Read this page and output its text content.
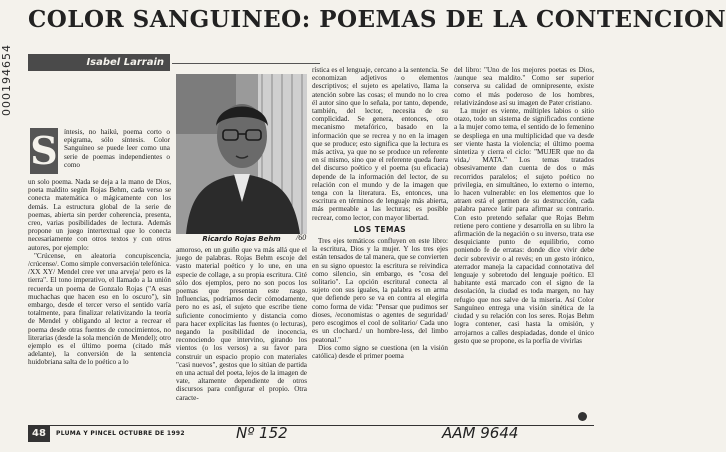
000194654
COLOR SANGUINEO: POEMAS DE LA CONTENCION
Isabel Larrain
S íntesis, no haikú, poema corto o epigrama, sólo síntesis. Color Sanguíneo se puede leer como una serie de poemas independientes o como

un solo poema. Nada se deja a la mano de Dios, poeta maldito según Rojas Behm, cada verso se conecta matemática o mágicamente con los demás. La estructura global de la serie de poemas, abierta sin perder coherencia, presenta, creo, varias posibilidades de lectura. Además propone un juego intertextual que lo conecta necesariamente con otros textos y con otros autores, por ejemplo:

"Crúcense, en aleatoria concupiscencia, /crúcense/. Como simple conversación telefónica. /XX XY/ Mendel cree ver una arveja/ pero es la tierra". El tono imperativo, el llamado a la unión recuerda un poema de Gonzalo Rojas ("A esas muchachas que hacen eso en lo oscuro"), sin embargo, desde el tercer verso el sentido varía totalmente, para finalizar relativizando la teoría de Mendel y obligando al lector a recrear el poema desde otras fuentes de conocimientos, no literarias (desde la sola mención de Mendel); otro ejemplo es el último poema (citado más adelante), la conversión de la sentencia huidobriana salta de lo poético a lo

/60
Ricardo Rojas Behm

amoroso, en un guiño que va más allá que el juego de palabras. Rojas Behm escoje del vasto material poético y lo une, en una especie de collage, a su propia escritura. Cité sólo dos ejemplos, pero no son pocos los poemas que presentan este rasgo. Influencias, podríamos decir cómodamente, pero no es así, el sujeto que escribe tiene suficiente conocimiento y distancia como para hacer explícitas las fuentes (o lecturas), negando la posibilidad de inocencia, reconociendo que intervino, girando los vientos (o los versos) a su favor para construir un espacio propio con materiales "casi nuevos", gestos que lo sitúan de partida en una actual del poeta, lejos de la imagen de vate, altamente dependiente de otros discursos para configurar el propio. Otra caracte-

rística es el lenguaje, cercano a la sentencia. Se economizan adjetivos o elementos descriptivos; el sujeto es apelativo, llama la atención sobre las cosas; el mundo no lo crea él autor sino que lo señala, por tanto, depende, también, del lector, necesita de su complicidad. Se genera, entonces, otro mecanismo metafórico, basado en la información que se recrea y no en la imagen que se produce; esto significa que la lectura es más activa, ya que no se produce un referente en sí mismo, sino que el referente queda fuera del discurso poético y el poema (su eficacia) depende de la información del lector, de su relación con el mundo y de la imagen que tenga con la literatura. Es, entonces, una escritura en términos de lenguaje más abierta, más permeable a las lecturas; es posible recrear, como lector, con mayor libertad.

LOS TEMAS

Tres ejes temáticos confluyen en este libro: la escritura, Dios y la mujer. Y los tres ejes están tensados de tal manera, que se convierten en su signo opuesto: la escritura se reivindica como silencio, sin embargo, es "cosa del solitario". La opción escritural conecta al sujeto con sus iguales, la palabra es un arma que defiende pero se va en contra al elegirla como forma de vida: "Pensar que pudimos ser dioses, /economistas o agentes de seguridad/ pero escogimos el cool de solitario/ Cada uno es un clochard./ un hombre-less, del limbo peatonal."

Dios como signo se cuestiona (en la visión católica) desde el primer poema

del libro: "Uno de los mejores poetas es Dios, /aunque sea maldito." Como ser superior conserva su calidad de omnipresente, existe como el más poderoso de los hombres, relativizándose así su imagen de Pater cristiano.

La mujer es viente, múltiples labios o sitio otazo, todo un sistema de significados contiene a la mujer como tema, el sentido de lo femenino se despliega en una multiplicidad que va desde ser viente hasta la violencia; el último poema sintetiza y cierra el ciclo: "MUJER que no da vida,/ MATA." Los temas tratados obsesivamente dan cuenta de dos o más recorridos paralelos; el sujeto poético no privilegia, en simultáneo, lo externo o interno, lo hacen vulnerable: en los elementos que lo atraen está el germen de su destrucción, cada palabra parece latir para afirmar su contrario. Con esto pretendo señalar que Rojas Behm retiene pero contiene y desarrolla en su libro la afirmación de la negación o su inverso, trata ese desquiciante punto de equilibrio, como poniendo fe de erratas: donde dice vivir debe decir sobrevivir o al revés; en un gesto irónico, aterrador maneja la capacidad connotativa del lenguaje y sobretodo del lenguaje poético. El habitante está marcado con el signo de la desolación, la ciudad es toda margen, no hay refugio que nos salve de la miseria. Así Color Sanguíneo entrega una visión sinética de la ciudad y su relación con los seres. Rojas Behm logra contener, casi hasta la omisión, y arrojarnos a calles despiadadas, donde el único gesto que se propone, es la porfía de vivirlas

48	PLUMA Y PINCEL OCTUBRE DE 1992	Nº 152	AAM 9644
